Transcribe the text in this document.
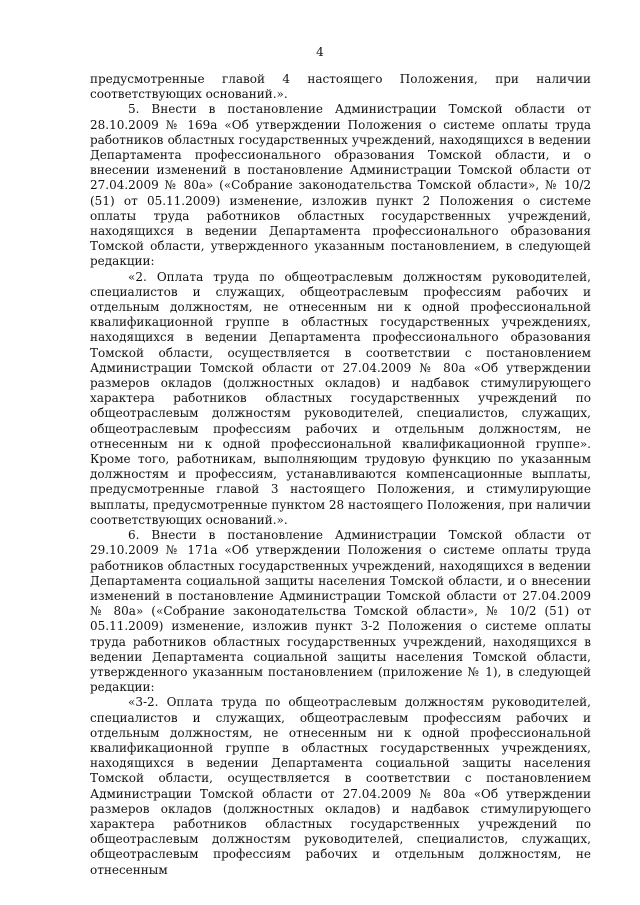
4

предусмотренные главой 4 настоящего Положения, при наличии соответствующих оснований.».

5. Внести в постановление Администрации Томской области от 28.10.2009 № 169а «Об утверждении Положения о системе оплаты труда работников областных государственных учреждений, находящихся в ведении Департамента профессионального образования Томской области, и о внесении изменений в постановление Администрации Томской области от 27.04.2009 № 80а» («Собрание законодательства Томской области», № 10/2 (51) от 05.11.2009) изменение, изложив пункт 2 Положения о системе оплаты труда работников областных государственных учреждений, находящихся в ведении Департамента профессионального образования Томской области, утвержденного указанным постановлением, в следующей редакции:

«2. Оплата труда по общеотраслевым должностям руководителей, специалистов и служащих, общеотраслевым профессиям рабочих и отдельным должностям, не отнесенным ни к одной профессиональной квалификационной группе в областных государственных учреждениях, находящихся в ведении Департамента профессионального образования Томской области, осуществляется в соответствии с постановлением Администрации Томской области от 27.04.2009 № 80а «Об утверждении размеров окладов (должностных окладов) и надбавок стимулирующего характера работников областных государственных учреждений по общеотраслевым должностям руководителей, специалистов, служащих, общеотраслевым профессиям рабочих и отдельным должностям, не отнесенным ни к одной профессиональной квалификационной группе». Кроме того, работникам, выполняющим трудовую функцию по указанным должностям и профессиям, устанавливаются компенсационные выплаты, предусмотренные главой 3 настоящего Положения, и стимулирующие выплаты, предусмотренные пунктом 28 настоящего Положения, при наличии соответствующих оснований.».

6. Внести в постановление Администрации Томской области от 29.10.2009 № 171а «Об утверждении Положения о системе оплаты труда работников областных государственных учреждений, находящихся в ведении Департамента социальной защиты населения Томской области, и о внесении изменений в постановление Администрации Томской области от 27.04.2009 № 80а» («Собрание законодательства Томской области», № 10/2 (51) от 05.11.2009) изменение, изложив пункт 3-2 Положения о системе оплаты труда работников областных государственных учреждений, находящихся в ведении Департамента социальной защиты населения Томской области, утвержденного указанным постановлением (приложение № 1), в следующей редакции:

«3-2. Оплата труда по общеотраслевым должностям руководителей, специалистов и служащих, общеотраслевым профессиям рабочих и отдельным должностям, не отнесенным ни к одной профессиональной квалификационной группе в областных государственных учреждениях, находящихся в ведении Департамента социальной защиты населения Томской области, осуществляется в соответствии с постановлением Администрации Томской области от 27.04.2009 № 80а «Об утверждении размеров окладов (должностных окладов) и надбавок стимулирующего характера работников областных государственных учреждений по общеотраслевым должностям руководителей, специалистов, служащих, общеотраслевым профессиям рабочих и отдельным должностям, не отнесенным
